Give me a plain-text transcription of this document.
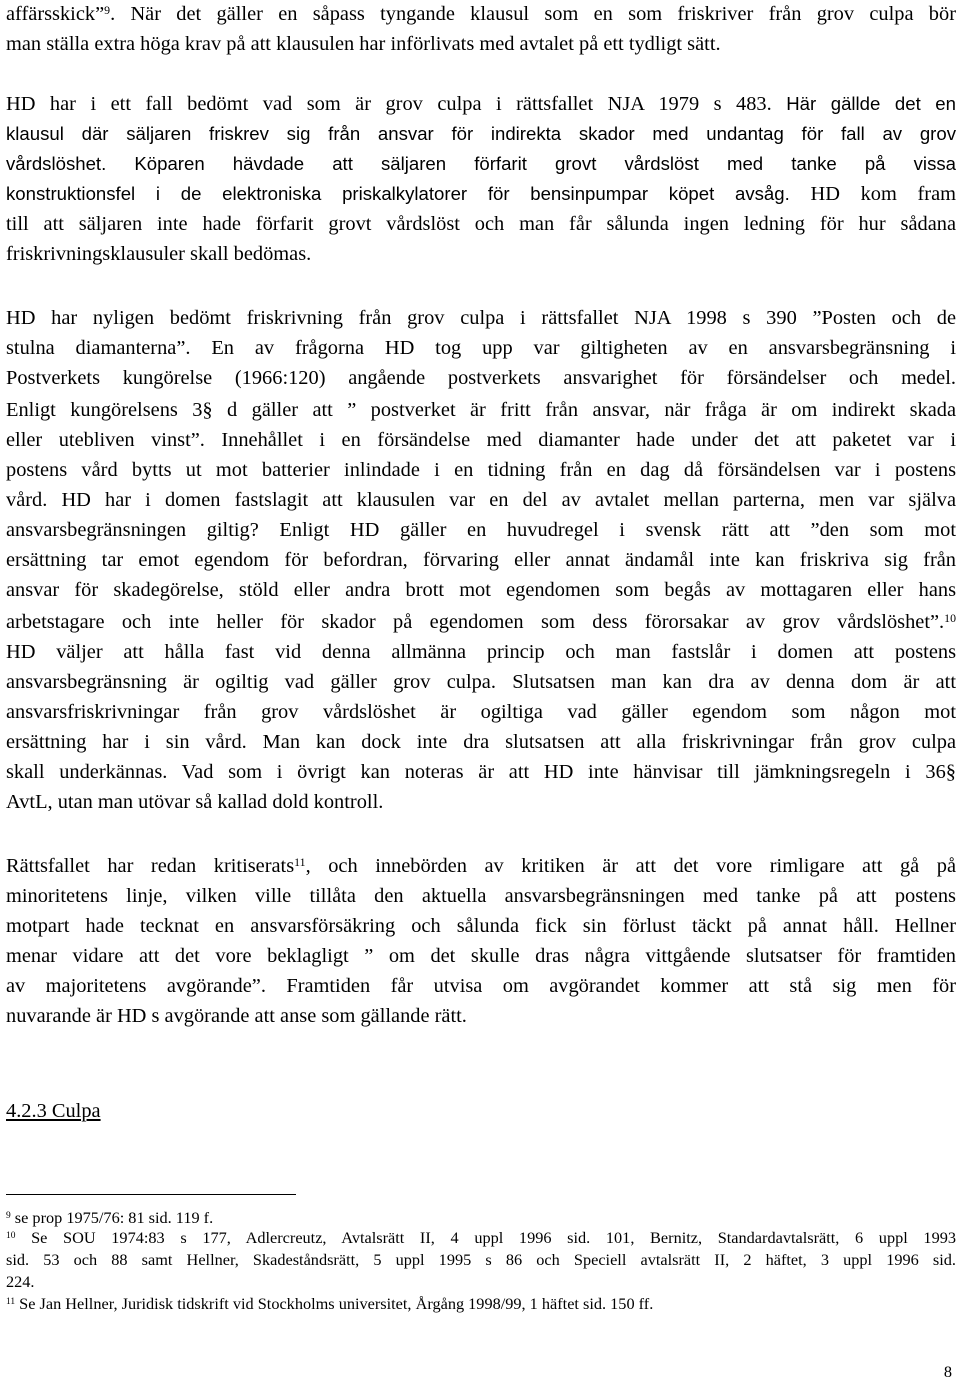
affärsskick”$^9$. När det gäller en såpass tyngande klausul som en som friskriver från grov culpa bör
man ställa extra höga krav på att klausulen har införlivats med avtalet på ett tydligt sätt.
HD har i ett fall bedömt vad som är grov culpa i rättsfallet NJA 1979 s 483. Här gällde det en
klausul där säljaren friskrev sig från ansvar för indirekta skador med undantag för fall av grov
vårdslöshet. Köparen hävdade att säljaren förfarit grovt vårdslöst med tanke på vissa
konstruktionsfel i de elektroniska priskalkylatorer för bensinpumpar köpet avsåg. HD kom fram
till att säljaren inte hade förfarit grovt vårdslöst och man får sålunda ingen ledning för hur sådana
friskrivningsklausuler skall bedömas.
HD har nyligen bedömt friskrivning från grov culpa i rättsfallet NJA 1998 s 390 ”Posten och de
stulna diamanterna”. En av frågorna HD tog upp var giltigheten av en ansvarsbegränsning i
Postverkets kungörelse (1966:120) angående postverkets ansvarighet för försändelser och medel.
Enligt kungörelsens 3§ d gäller att ” postverket är fritt från ansvar, när fråga är om indirekt skada
eller utebliven vinst”. Innehållet i en försändelse med diamanter hade under det att paketet var i
postens vård bytts ut mot batterier inlindade i en tidning från en dag då försändelsen var i postens
vård. HD har i domen fastslagit att klausulen var en del av avtalet mellan parterna, men var själva
ansvarsbegränsningen giltig? Enligt HD gäller en huvudregel i svensk rätt att ”den som mot
ersättning tar emot egendom för befordran, förvaring eller annat ändamål inte kan friskriva sig från
ansvar för skadegörelse, stöld eller andra brott mot egendomen som begås av mottagaren eller hans
arbetstagare och inte heller för skador på egendomen som dess förorsakar av grov vårdslöshet”.$^{10}$
HD väljer att hålla fast vid denna allmänna princip och man fastslår i domen att postens
ansvarsbegränsning är ogiltig vad gäller grov culpa. Slutsatsen man kan dra av denna dom är att
ansvarsfriskrivningar från grov vårdslöshet är ogiltiga vad gäller egendom som någon mot
ersättning har i sin vård. Man kan dock inte dra slutsatsen att alla friskrivningar från grov culpa
skall underkännas. Vad som i övrigt kan noteras är att HD inte hänvisar till jämkningsregeln i 36§
AvtL, utan man utövar så kallad dold kontroll.
Rättsfallet har redan kritiserats$^{11}$, och innebörden av kritiken är att det vore rimligare att gå på
minoritetens linje, vilken ville tillåta den aktuella ansvarsbegränsningen med tanke på att postens
motpart hade tecknat en ansvarsförsäkring och sålunda fick sin förlust täckt på annat håll. Hellner
menar vidare att det vore beklagligt ” om det skulle dras några vittgående slutsatser för framtiden
av majoritetens avgörande”. Framtiden får utvisa om avgörandet kommer att stå sig men för
nuvarande är HD s avgörande att anse som gällande rätt.
4.2.3 Culpa
$^9$ se prop 1975/76: 81 sid. 119 f.
$^{10}$ Se SOU 1974:83 s 177, Adlercreutz, Avtalsrätt II, 4 uppl 1996 sid. 101, Bernitz, Standardavtalsrätt, 6 uppl 1993
sid. 53 och 88 samt Hellner, Skadeståndsrätt, 5 uppl 1995 s 86 och Speciell avtalsrätt II, 2 häftet, 3 uppl 1996 sid.
224.
$^{11}$ Se Jan Hellner, Juridisk tidskrift vid Stockholms universitet, Årgång 1998/99, 1 häftet sid. 150 ff.
8
